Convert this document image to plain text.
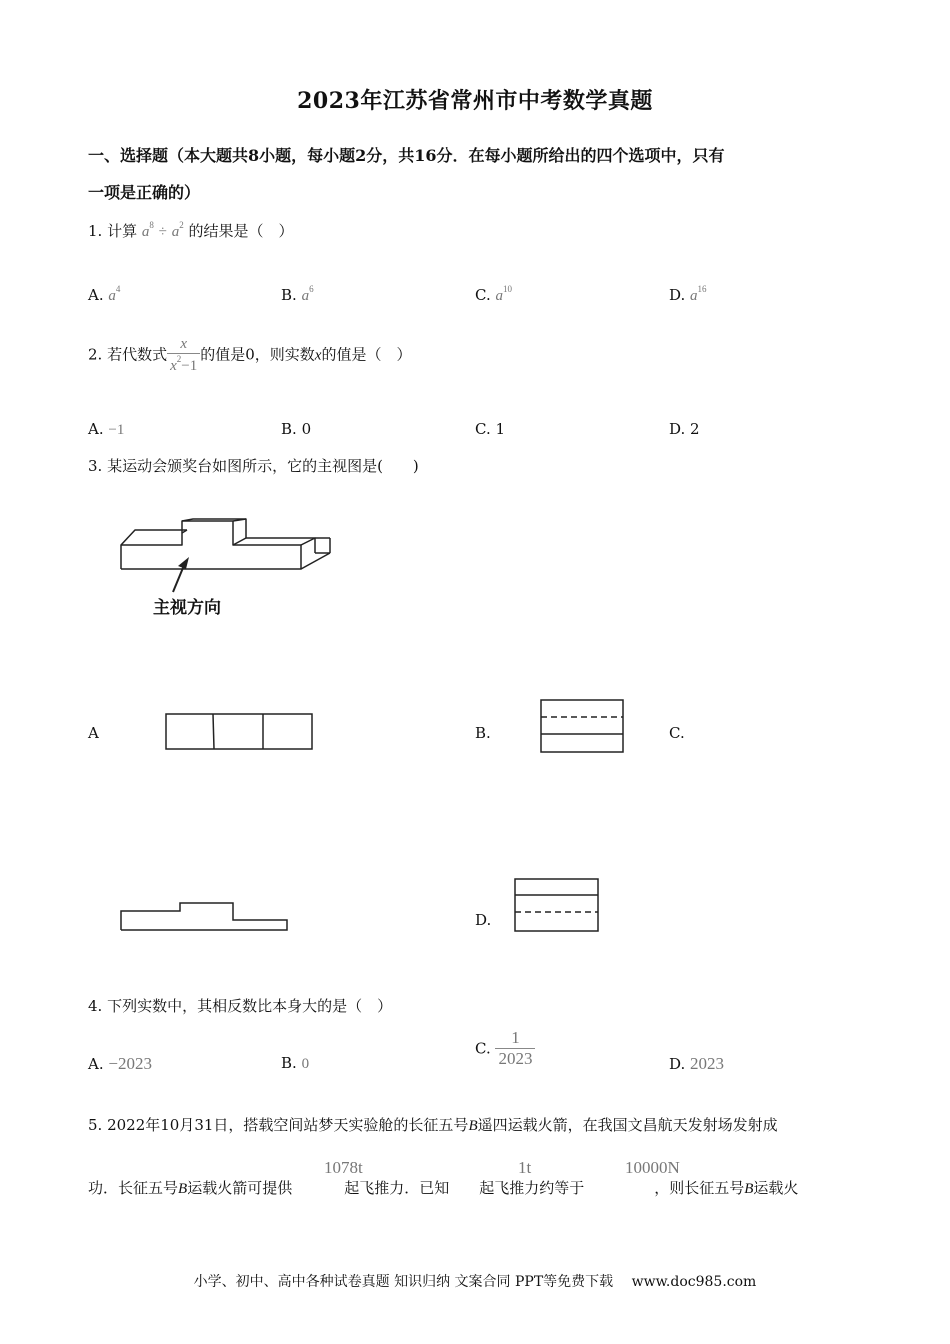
2023年江苏省常州市中考数学真题
一、选择题（本大题共8小题，每小题2分，共16分．在每小题所给出的四个选项中，只有
一项是正确的）
1. 计算 $a^8 \div a^2$ 的结果是（　）
A. $a^4$	B. $a^6$	C. $a^{10}$	D. $a^{16}$
2. 若代数式 $\frac{x}{x^2-1}$ 的值是0，则实数x的值是（　）
A. −1	B. 0	C. 1	D. 2
3. 某运动会颁奖台如图所示，它的主视图是(　　)
主视方向
A	B.	C.
D.
4. 下列实数中，其相反数比本身大的是（　）
A. −2023	B. 0
C. $\frac{1}{2023}$	D. 2023
5. 2022年10月31日，搭载空间站梦天实验舱的长征五号B遥四运载火箭，在我国文昌航天发射场发射成
功．长征五号B运载火箭可提供	起飞推力．已知 起飞推力约等于	，则长征五号B运载火
1078t	1t	10000N
小学、初中、高中各种试卷真题 知识归纳 文案合同 PPT等免费下载　 www.doc985.com
